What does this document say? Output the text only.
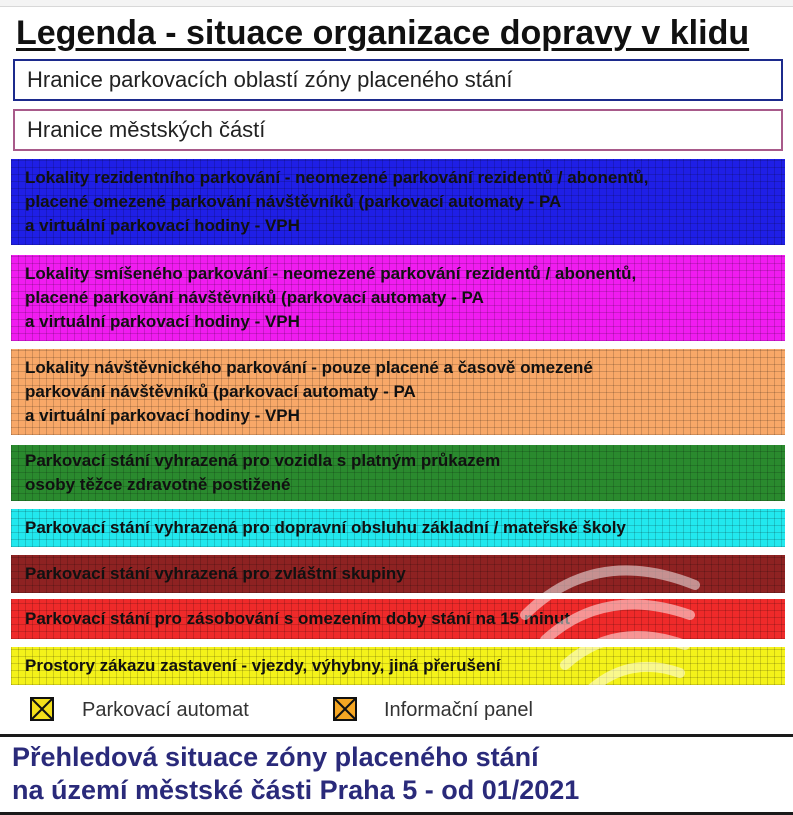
Legenda - situace organizace dopravy v klidu
Hranice parkovacích oblastí zóny placeného stání
Hranice městských částí
Lokality rezidentního parkování - neomezené parkování rezidentů / abonentů,
placené omezené parkování návštěvníků (parkovací automaty - PA
a virtuální parkovací hodiny - VPH
Lokality smíšeného parkování - neomezené parkování rezidentů / abonentů,
placené parkování návštěvníků (parkovací automaty - PA
a virtuální parkovací hodiny - VPH
Lokality návštěvnického parkování - pouze placené a časově omezené
parkování návštěvníků (parkovací automaty - PA
a virtuální parkovací hodiny - VPH
Parkovací stání vyhrazená pro vozidla s platným průkazem
osoby těžce zdravotně postižené
Parkovací stání vyhrazená pro dopravní obsluhu základní / mateřské školy
Parkovací stání vyhrazená pro zvláštní skupiny
Parkovací stání pro zásobování s omezením doby stání na 15 minut
Prostory zákazu zastavení - vjezdy, výhybny, jiná přerušení
Parkovací automat	Informační panel
Přehledová situace zóny placeného stání
na území městské části Praha 5 - od 01/2021
